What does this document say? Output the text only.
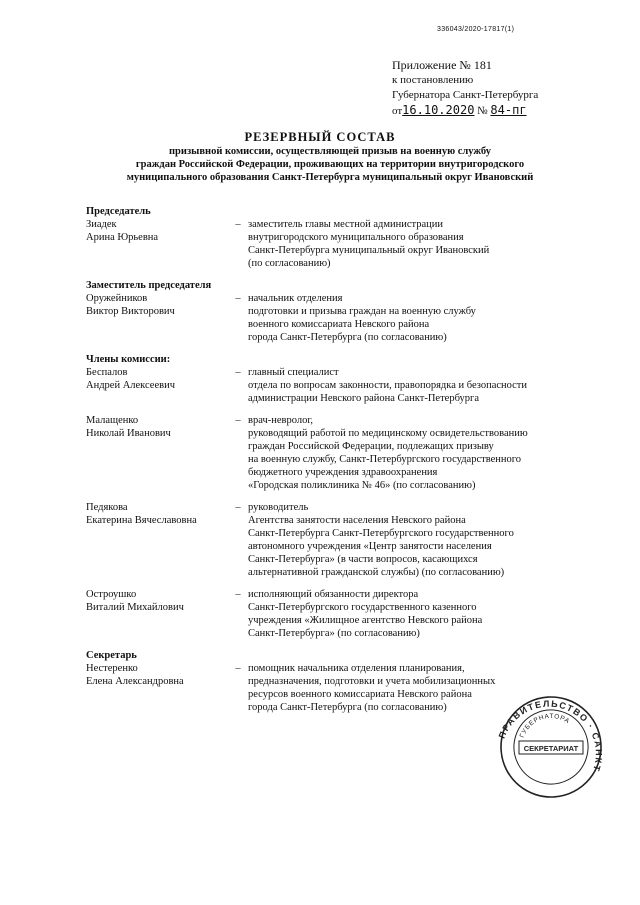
336043/2020-17817(1)
Приложение № 181
к постановлению
Губернатора Санкт-Петербурга
от16.10.2020 № 84-пг
РЕЗЕРВНЫЙ СОСТАВ
призывной комиссии, осуществляющей призыв на военную службу
граждан Российской Федерации, проживающих на территории внутригородского
муниципального образования Санкт-Петербурга муниципальный округ Ивановский
Председатель
Зиадек
Арина Юрьевна
– заместитель главы местной администрации
внутригородского муниципального образования
Санкт-Петербурга муниципальный округ Ивановский
(по согласованию)
Заместитель председателя
Оружейников
Виктор Викторович
– начальник отделения
подготовки и призыва граждан на военную службу
военного комиссариата Невского района
города Санкт-Петербурга (по согласованию)
Члены комиссии:
Беспалов
Андрей Алексеевич
– главный специалист
отдела по вопросам законности, правопорядка и безопасности
администрации Невского района Санкт-Петербурга
Малащенко
Николай Иванович
– врач-невролог,
руководящий работой по медицинскому освидетельствованию
граждан Российской Федерации, подлежащих призыву
на военную службу, Санкт-Петербургского государственного
бюджетного учреждения здравоохранения
«Городская поликлиника № 46» (по согласованию)
Педякова
Екатерина Вячеславовна
– руководитель
Агентства занятости населения Невского района
Санкт-Петербурга Санкт-Петербургского государственного
автономного учреждения «Центр занятости населения
Санкт-Петербурга» (в части вопросов, касающихся
альтернативной гражданской службы) (по согласованию)
Остроушко
Виталий Михайлович
– исполняющий обязанности директора
Санкт-Петербургского государственного казенного
учреждения «Жилищное агентство Невского района
Санкт-Петербурга» (по согласованию)
Секретарь
Нестеренко
Елена Александровна
– помощник начальника отделения планирования,
предназначения, подготовки и учета мобилизационных
ресурсов военного комиссариата Невского района
города Санкт-Петербурга (по согласованию)
ПРАВИТЕЛЬСТВО · САНКТ-ПЕТЕРБУРГА
ГУБЕРНАТОРА
СЕКРЕТАРИАТ
